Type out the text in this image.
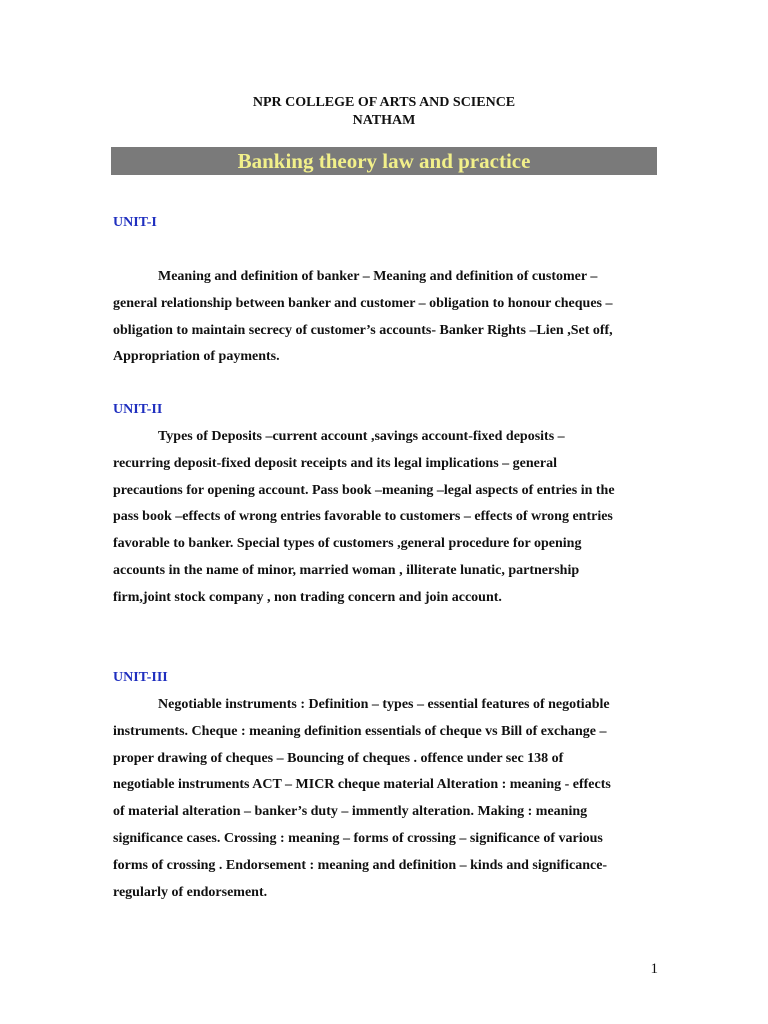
NPR COLLEGE OF ARTS AND SCIENCE
NATHAM
Banking theory law and practice
UNIT-I
Meaning and definition of banker – Meaning and definition of customer –
general relationship between banker and customer – obligation to honour cheques –
obligation to maintain secrecy of customer’s accounts- Banker Rights –Lien ,Set off,
Appropriation of payments.
UNIT-II
Types of Deposits –current account ,savings account-fixed deposits –
recurring deposit-fixed deposit receipts and its legal implications – general
precautions for opening account. Pass book –meaning –legal aspects of entries in the
pass book –effects of wrong entries favorable to customers – effects of wrong entries
favorable to banker. Special types of customers ,general procedure for opening
accounts in the name of minor, married woman , illiterate lunatic, partnership
firm,joint stock company , non trading concern and join account.
UNIT-III
Negotiable instruments : Definition – types – essential features of negotiable
instruments. Cheque : meaning definition essentials of cheque vs Bill of exchange –
proper drawing of cheques – Bouncing of cheques . offence under sec 138 of
negotiable instruments ACT – MICR cheque material Alteration : meaning - effects
of material alteration – banker’s duty – immently alteration. Making : meaning
significance cases. Crossing : meaning – forms of crossing – significance of various
forms of crossing . Endorsement : meaning and definition – kinds and significance-
regularly of endorsement.
1
